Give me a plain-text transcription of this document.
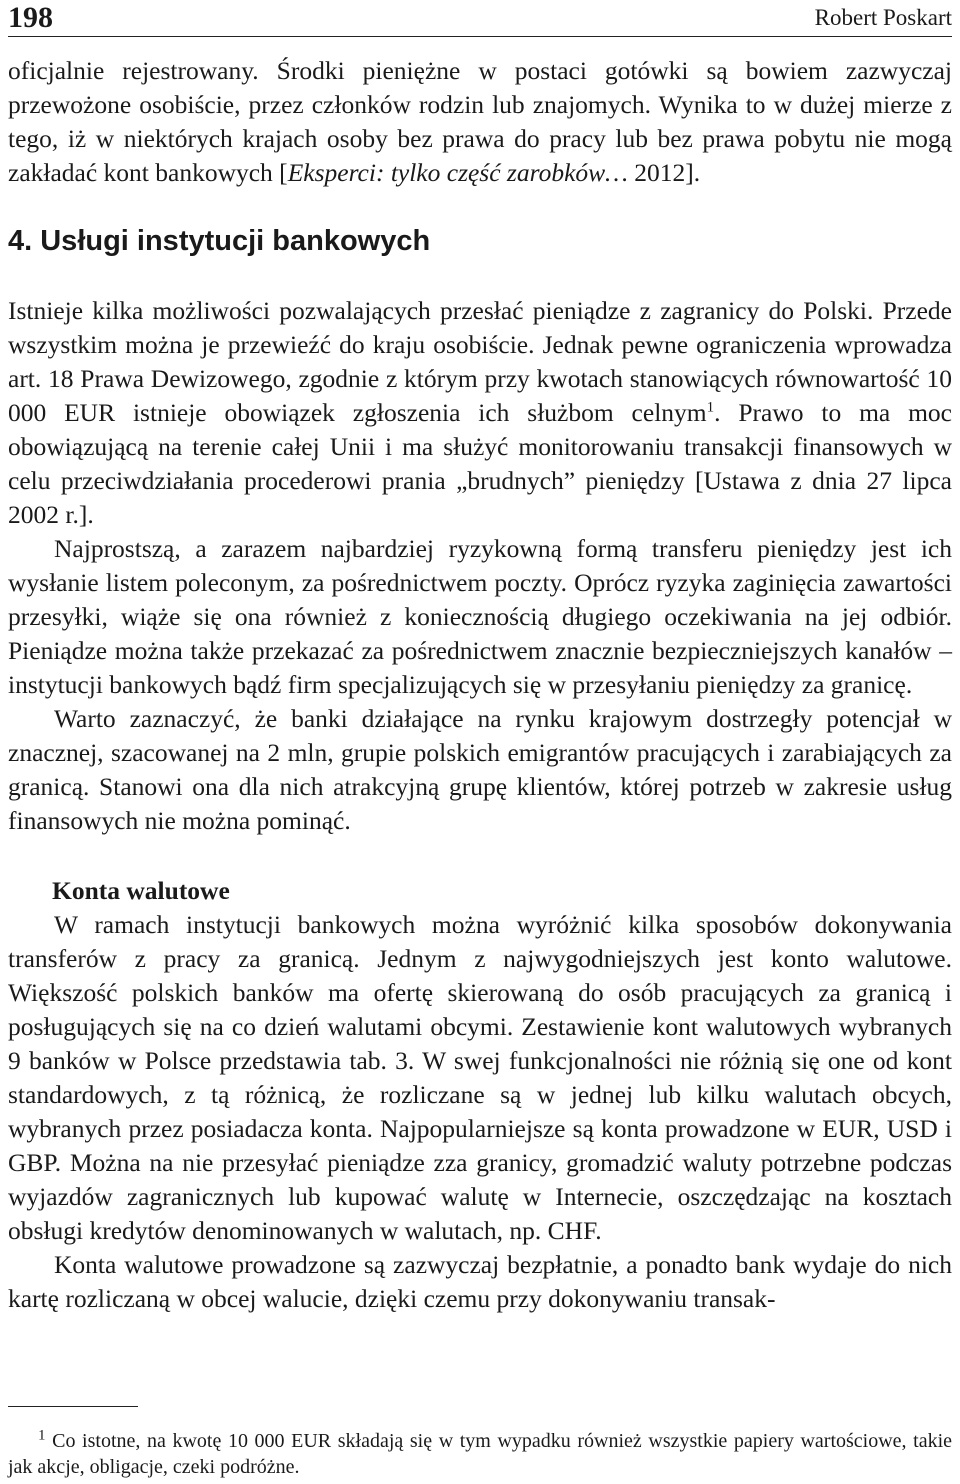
198	Robert Poskart

oficjalnie rejestrowany. Środki pieniężne w postaci gotówki są bowiem zazwyczaj przewożone osobiście, przez członków rodzin lub znajomych. Wynika to w dużej mierze z tego, iż w niektórych krajach osoby bez prawa do pracy lub bez prawa pobytu nie mogą zakładać kont bankowych [Eksperci: tylko część zarobków… 2012].

4. Usługi instytucji bankowych

Istnieje kilka możliwości pozwalających przesłać pieniądze z zagranicy do Polski. Przede wszystkim można je przewieźć do kraju osobiście. Jednak pewne ograniczenia wprowadza art. 18 Prawa Dewizowego, zgodnie z którym przy kwotach stanowiących równowartość 10 000 EUR istnieje obowiązek zgłoszenia ich służbom celnym$^1$. Prawo to ma moc obowiązującą na terenie całej Unii i ma służyć monitorowaniu transakcji finansowych w celu przeciwdziałania procederowi prania „brudnych” pieniędzy [Ustawa z dnia 27 lipca 2002 r.].

Najprostszą, a zarazem najbardziej ryzykowną formą transferu pieniędzy jest ich wysłanie listem poleconym, za pośrednictwem poczty. Oprócz ryzyka zaginięcia zawartości przesyłki, wiąże się ona również z koniecznością długiego oczekiwania na jej odbiór. Pieniądze można także przekazać za pośrednictwem znacznie bezpieczniejszych kanałów – instytucji bankowych bądź firm specjalizujących się w przesyłaniu pieniędzy za granicę.

Warto zaznaczyć, że banki działające na rynku krajowym dostrzegły potencjał w znacznej, szacowanej na 2 mln, grupie polskich emigrantów pracujących i zarabiających za granicą. Stanowi ona dla nich atrakcyjną grupę klientów, której potrzeb w zakresie usług finansowych nie można pominąć.

Konta walutowe

W ramach instytucji bankowych można wyróżnić kilka sposobów dokonywania transferów z pracy za granicą. Jednym z najwygodniejszych jest konto walutowe. Większość polskich banków ma ofertę skierowaną do osób pracujących za granicą i posługujących się na co dzień walutami obcymi. Zestawienie kont walutowych wybranych 9 banków w Polsce przedstawia tab. 3. W swej funkcjonalności nie różnią się one od kont standardowych, z tą różnicą, że rozliczane są w jednej lub kilku walutach obcych, wybranych przez posiadacza konta. Najpopularniejsze są konta prowadzone w EUR, USD i GBP. Można na nie przesyłać pieniądze zza granicy, gromadzić waluty potrzebne podczas wyjazdów zagranicznych lub kupować walutę w Internecie, oszczędzając na kosztach obsługi kredytów denominowanych w walutach, np. CHF.

Konta walutowe prowadzone są zazwyczaj bezpłatnie, a ponadto bank wydaje do nich kartę rozliczaną w obcej walucie, dzięki czemu przy dokonywaniu transak-

$^1$ Co istotne, na kwotę 10 000 EUR składają się w tym wypadku również wszystkie papiery wartościowe, takie jak akcje, obligacje, czeki podróżne.
